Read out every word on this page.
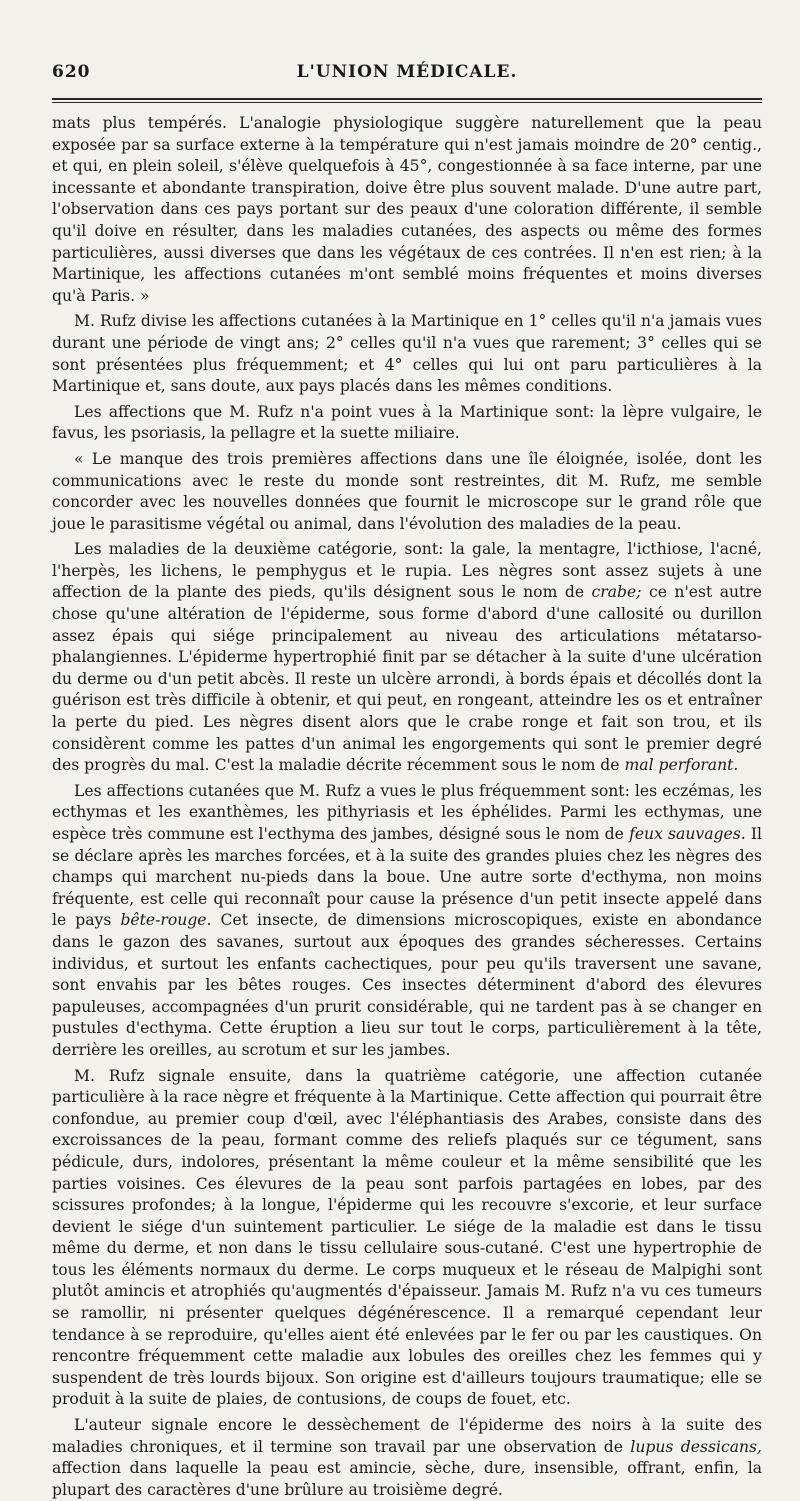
620	L'UNION MÉDICALE.

mats plus tempérés. L'analogie physiologique suggère naturellement que la peau exposée par sa surface externe à la température qui n'est jamais moindre de 20° centig., et qui, en plein soleil, s'élève quelquefois à 45°, congestionnée à sa face interne, par une incessante et abondante transpiration, doive être plus souvent malade. D'une autre part, l'observation dans ces pays portant sur des peaux d'une coloration différente, il semble qu'il doive en résulter, dans les maladies cutanées, des aspects ou même des formes particulières, aussi diverses que dans les végétaux de ces contrées. Il n'en est rien; à la Martinique, les affections cutanées m'ont semblé moins fréquentes et moins diverses qu'à Paris. »

M. Rufz divise les affections cutanées à la Martinique en 1° celles qu'il n'a jamais vues durant une période de vingt ans; 2° celles qu'il n'a vues que rarement; 3° celles qui se sont présentées plus fréquemment; et 4° celles qui lui ont paru particulières à la Martinique et, sans doute, aux pays placés dans les mêmes conditions.

Les affections que M. Rufz n'a point vues à la Martinique sont: la lèpre vulgaire, le favus, les psoriasis, la pellagre et la suette miliaire.

« Le manque des trois premières affections dans une île éloignée, isolée, dont les communications avec le reste du monde sont restreintes, dit M. Rufz, me semble concorder avec les nouvelles données que fournit le microscope sur le grand rôle que joue le parasitisme végétal ou animal, dans l'évolution des maladies de la peau.

Les maladies de la deuxième catégorie, sont: la gale, la mentagre, l'icthiose, l'acné, l'herpès, les lichens, le pemphygus et le rupia. Les nègres sont assez sujets à une affection de la plante des pieds, qu'ils désignent sous le nom de crabe; ce n'est autre chose qu'une altération de l'épiderme, sous forme d'abord d'une callosité ou durillon assez épais qui siége principalement au niveau des articulations métatarso-phalangiennes. L'épiderme hypertrophié finit par se détacher à la suite d'une ulcération du derme ou d'un petit abcès. Il reste un ulcère arrondi, à bords épais et décollés dont la guérison est très difficile à obtenir, et qui peut, en rongeant, atteindre les os et entraîner la perte du pied. Les nègres disent alors que le crabe ronge et fait son trou, et ils considèrent comme les pattes d'un animal les engorgements qui sont le premier degré des progrès du mal. C'est la maladie décrite récemment sous le nom de mal perforant.

Les affections cutanées que M. Rufz a vues le plus fréquemment sont: les eczémas, les ecthymas et les exanthèmes, les pithyriasis et les éphélides. Parmi les ecthymas, une espèce très commune est l'ecthyma des jambes, désigné sous le nom de feux sauvages. Il se déclare après les marches forcées, et à la suite des grandes pluies chez les nègres des champs qui marchent nu-pieds dans la boue. Une autre sorte d'ecthyma, non moins fréquente, est celle qui reconnaît pour cause la présence d'un petit insecte appelé dans le pays bête-rouge. Cet insecte, de dimensions microscopiques, existe en abondance dans le gazon des savanes, surtout aux époques des grandes sécheresses. Certains individus, et surtout les enfants cachectiques, pour peu qu'ils traversent une savane, sont envahis par les bêtes rouges. Ces insectes déterminent d'abord des élevures papuleuses, accompagnées d'un prurit considérable, qui ne tardent pas à se changer en pustules d'ecthyma. Cette éruption a lieu sur tout le corps, particulièrement à la tête, derrière les oreilles, au scrotum et sur les jambes.

M. Rufz signale ensuite, dans la quatrième catégorie, une affection cutanée particulière à la race nègre et fréquente à la Martinique. Cette affection qui pourrait être confondue, au premier coup d'œil, avec l'éléphantiasis des Arabes, consiste dans des excroissances de la peau, formant comme des reliefs plaqués sur ce tégument, sans pédicule, durs, indolores, présentant la même couleur et la même sensibilité que les parties voisines. Ces élevures de la peau sont parfois partagées en lobes, par des scissures profondes; à la longue, l'épiderme qui les recouvre s'excorie, et leur surface devient le siége d'un suintement particulier. Le siége de la maladie est dans le tissu même du derme, et non dans le tissu cellulaire sous-cutané. C'est une hypertrophie de tous les éléments normaux du derme. Le corps muqueux et le réseau de Malpighi sont plutôt amincis et atrophiés qu'augmentés d'épaisseur. Jamais M. Rufz n'a vu ces tumeurs se ramollir, ni présenter quelques dégénérescence. Il a remarqué cependant leur tendance à se reproduire, qu'elles aient été enlevées par le fer ou par les caustiques. On rencontre fréquemment cette maladie aux lobules des oreilles chez les femmes qui y suspendent de très lourds bijoux. Son origine est d'ailleurs toujours traumatique; elle se produit à la suite de plaies, de contusions, de coups de fouet, etc.

L'auteur signale encore le dessèchement de l'épiderme des noirs à la suite des maladies chroniques, et il termine son travail par une observation de lupus dessicans, affection dans laquelle la peau est amincie, sèche, dure, insensible, offrant, enfin, la plupart des caractères d'une brûlure au troisième degré.
